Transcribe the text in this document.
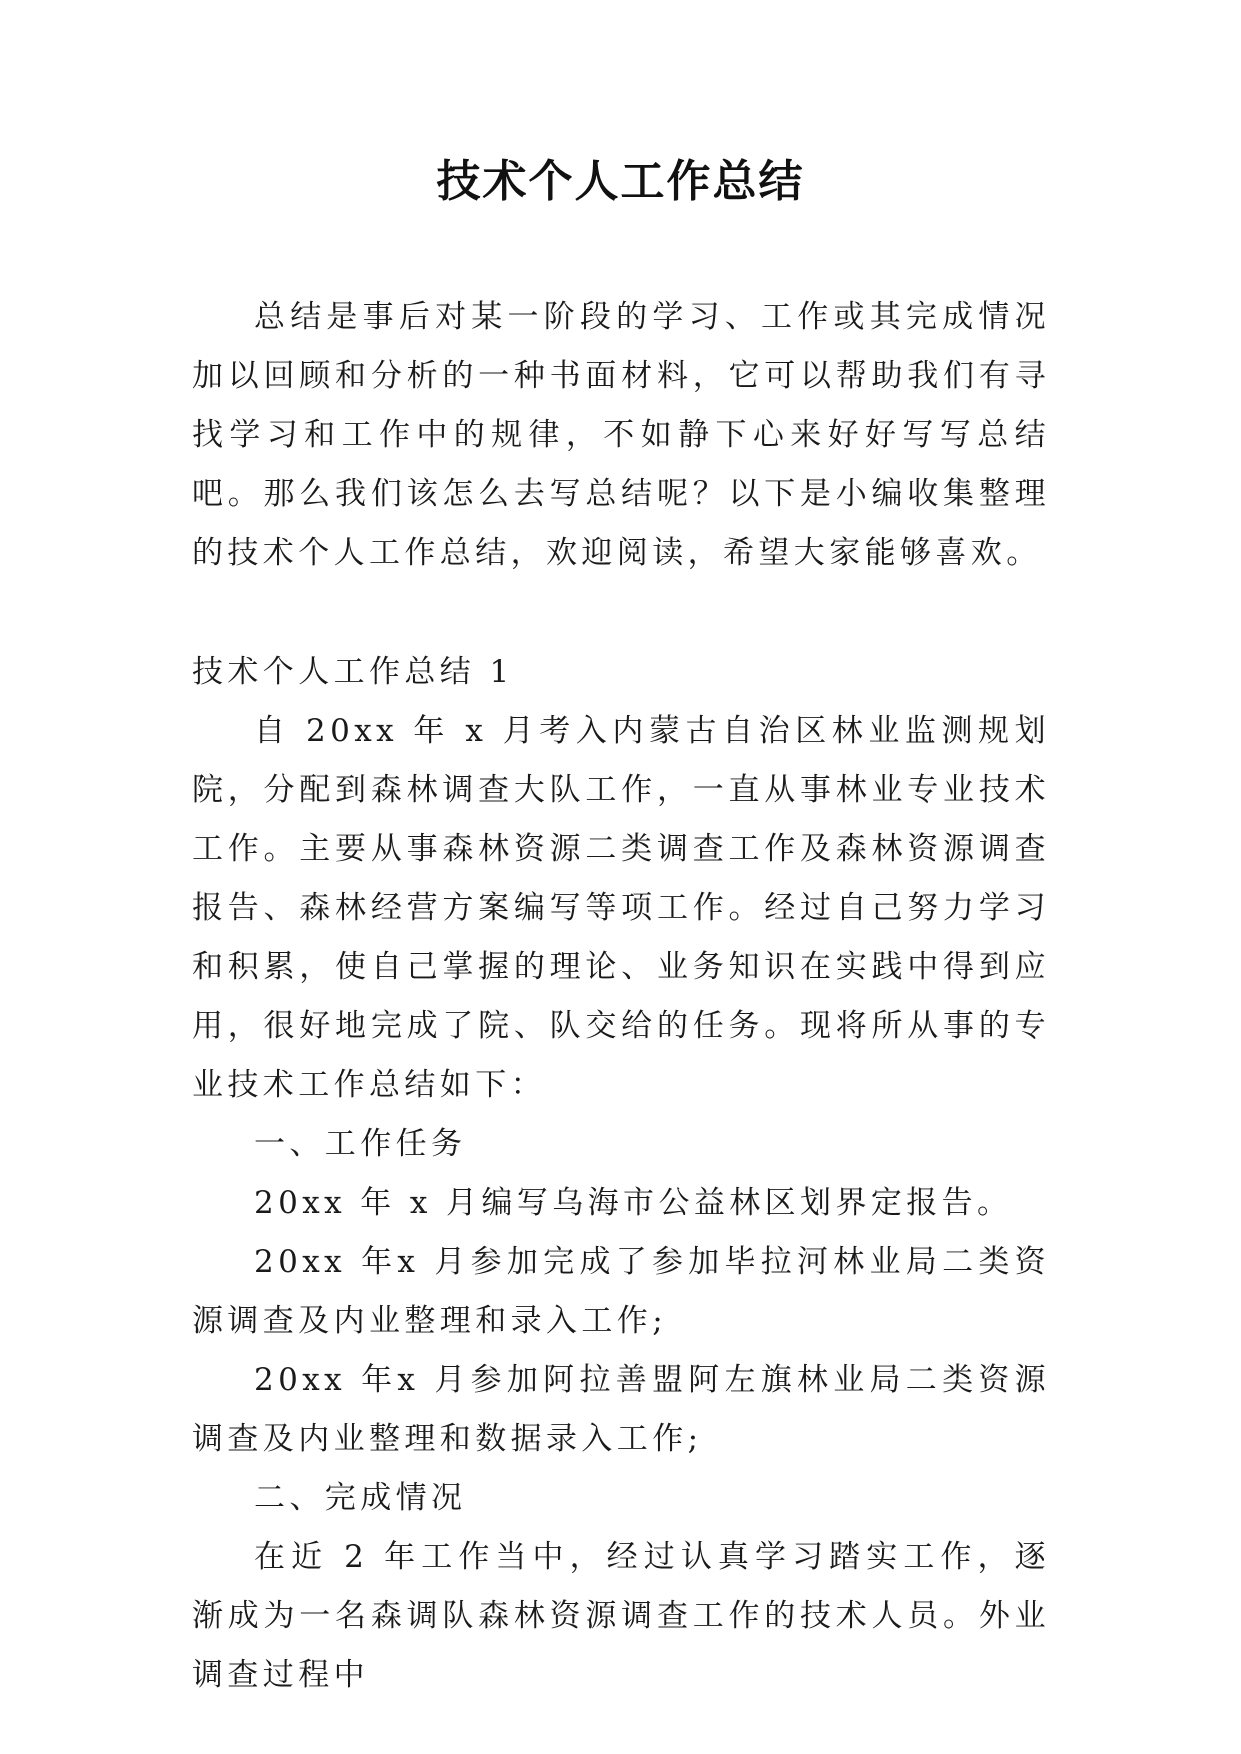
技术个人工作总结

总结是事后对某一阶段的学习、工作或其完成情况加以回顾和分析的一种书面材料，它可以帮助我们有寻找学习和工作中的规律，不如静下心来好好写写总结吧。那么我们该怎么去写总结呢？以下是小编收集整理的技术个人工作总结，欢迎阅读，希望大家能够喜欢。

技术个人工作总结 1

自 20xx 年 x 月考入内蒙古自治区林业监测规划院，分配到森林调查大队工作，一直从事林业专业技术工作。主要从事森林资源二类调查工作及森林资源调查报告、森林经营方案编写等项工作。经过自己努力学习和积累，使自己掌握的理论、业务知识在实践中得到应用，很好地完成了院、队交给的任务。现将所从事的专业技术工作总结如下：

一、工作任务

20xx 年 x 月编写乌海市公益林区划界定报告。

20xx 年x 月参加完成了参加毕拉河林业局二类资源调查及内业整理和录入工作;

20xx 年x 月参加阿拉善盟阿左旗林业局二类资源调查及内业整理和数据录入工作;

二、完成情况

在近 2 年工作当中，经过认真学习踏实工作，逐渐成为一名森调队森林资源调查工作的技术人员。外业调查过程中
